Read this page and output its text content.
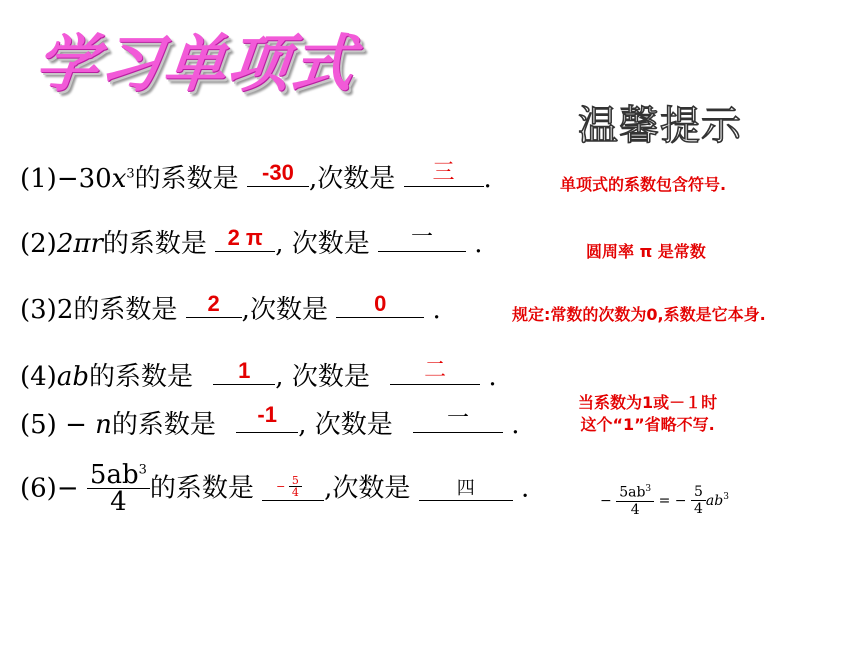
学习单项式
温馨提示
$(1)-30x^3$的系数是	-30 ,次数是	三	.	单项式的系数包含符号.
(2)2πr的系数是 2 π , 次数是	一	.	圆周率 π 是常数
(3)2的系数是	2 ,次数是	0	.	规定:常数的次数为0,系数是它本身.
(4)ab的系数是	1 , 次数是	二	.
(5) − n的系数是	-1 , 次数是	一	.
当系数为1或－１时
这个“1”省略不写.
$(6)- \frac{5ab^3}{4}$ 的系数是 − $\frac{5}{4}$ ,次数是	四	.	− $\frac{5ab^3}{4}$ = − $\frac{5}{4} ab^3$
